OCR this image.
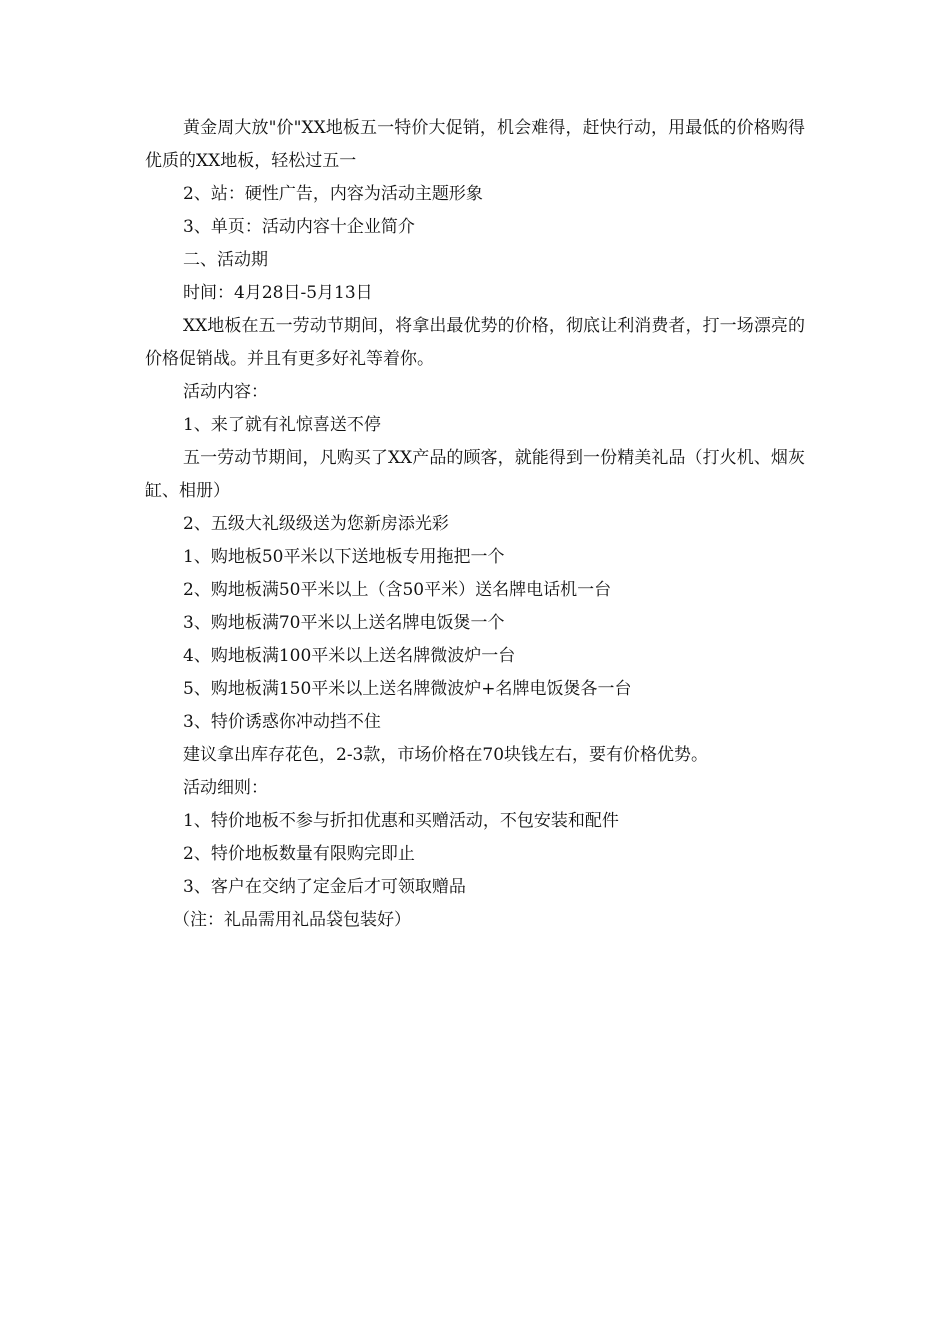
黄金周大放"价"XX地板五一特价大促销，机会难得，赶快行动，用最低的价格购得优质的XX地板，轻松过五一

2、站：硬性广告，内容为活动主题形象

3、单页：活动内容十企业简介

二、活动期

时间：4月28日-5月13日

XX地板在五一劳动节期间，将拿出最优势的价格，彻底让利消费者，打一场漂亮的价格促销战。并且有更多好礼等着你。

活动内容：

1、来了就有礼惊喜送不停

五一劳动节期间，凡购买了XX产品的顾客，就能得到一份精美礼品（打火机、烟灰缸、相册）

2、五级大礼级级送为您新房添光彩

1、购地板50平米以下送地板专用拖把一个

2、购地板满50平米以上（含50平米）送名牌电话机一台

3、购地板满70平米以上送名牌电饭煲一个

4、购地板满100平米以上送名牌微波炉一台

5、购地板满150平米以上送名牌微波炉+名牌电饭煲各一台

3、特价诱惑你冲动挡不住

建议拿出库存花色，2-3款，市场价格在70块钱左右，要有价格优势。

活动细则：

1、特价地板不参与折扣优惠和买赠活动，不包安装和配件

2、特价地板数量有限购完即止

3、客户在交纳了定金后才可领取赠品

（注：礼品需用礼品袋包装好）
